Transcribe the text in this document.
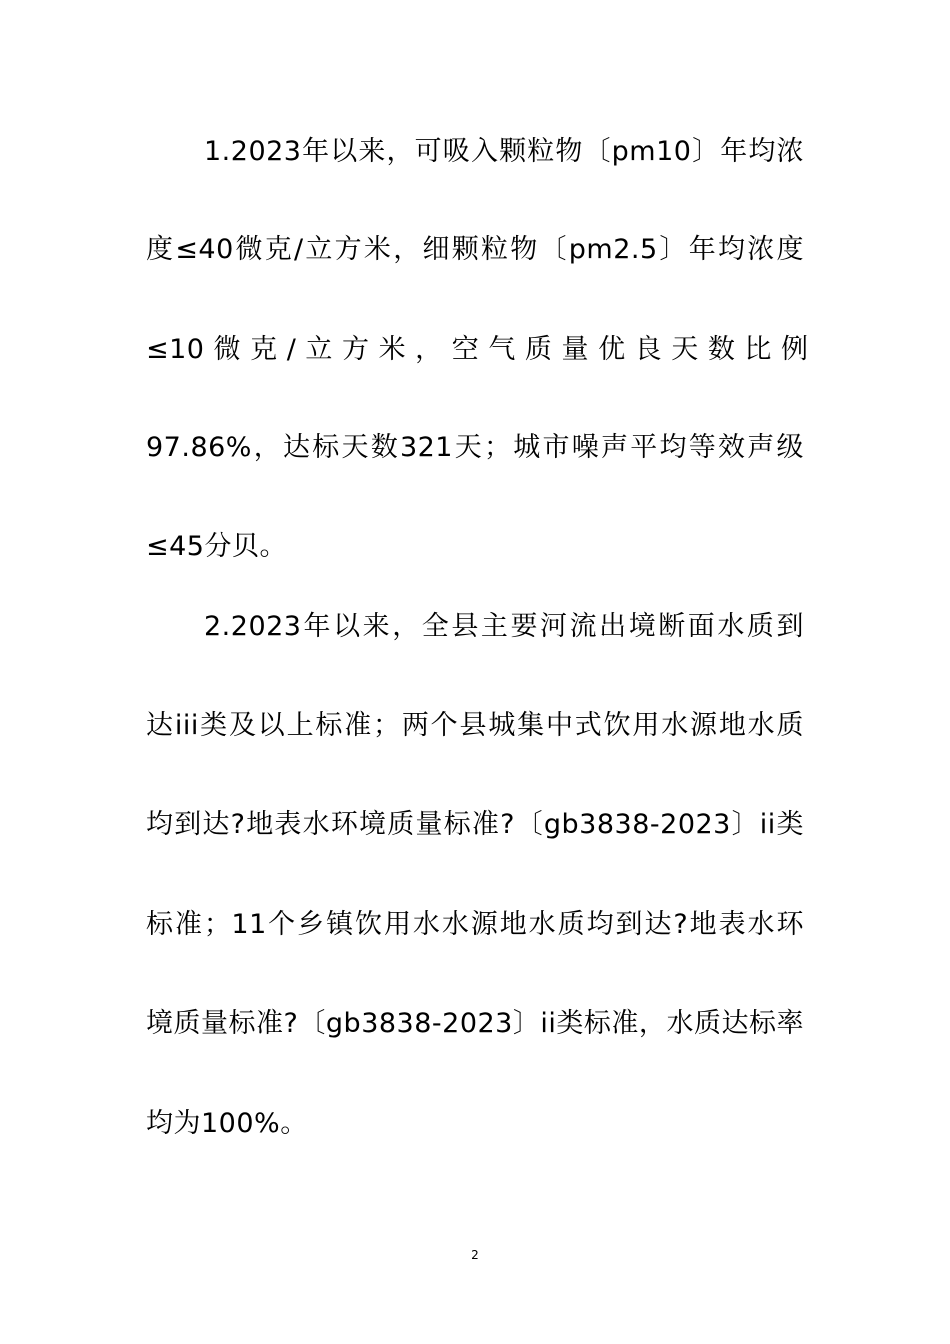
1.2023年以来，可吸入颗粒物〔pm10〕年均浓
度≤40微克/立方米，细颗粒物〔pm2.5〕年均浓度
≤10 微 克 / 立 方 米 ， 空 气 质 量 优 良 天 数 比 例
97.86%，达标天数321天；城市噪声平均等效声级
≤45分贝。
2.2023年以来，全县主要河流出境断面水质到
达iii类及以上标准；两个县城集中式饮用水源地水质
均到达?地表水环境质量标准?〔gb3838-2023〕ii类
标准；11个乡镇饮用水水源地水质均到达?地表水环
境质量标准?〔gb3838-2023〕ii类标准，水质达标率
均为100%。
2
